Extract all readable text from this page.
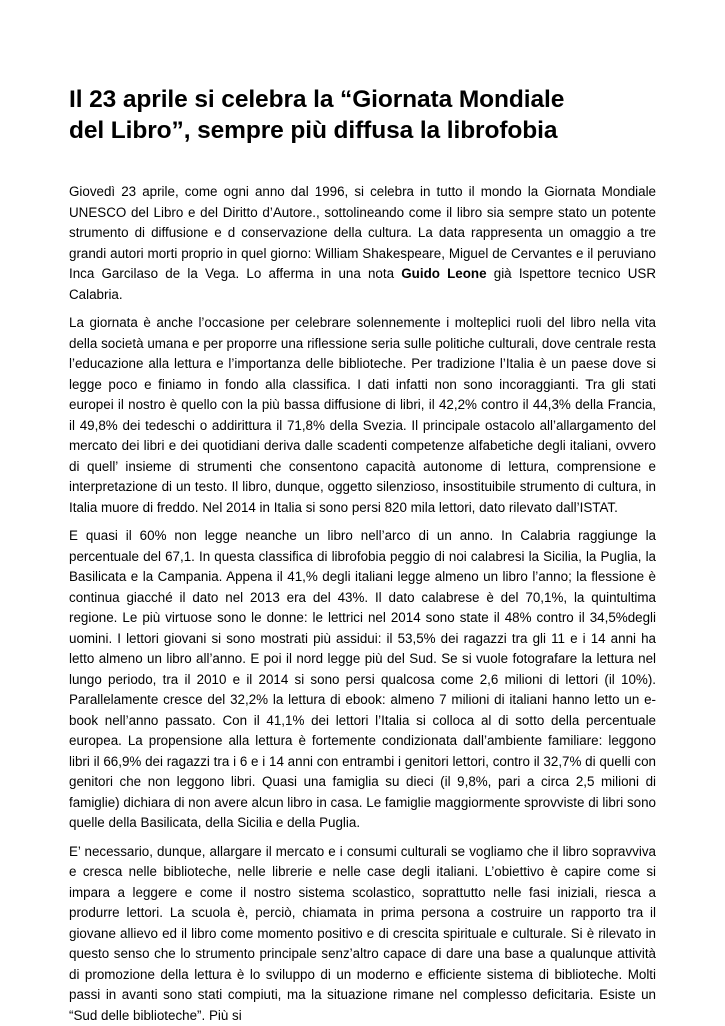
Il 23 aprile si celebra la “Giornata Mondiale
del Libro”, sempre più diffusa la librofobia

Giovedì 23 aprile, come ogni anno dal 1996, si celebra in tutto il mondo la Giornata Mondiale UNESCO del Libro e del Diritto d’Autore., sottolineando come il libro sia sempre stato un potente strumento di diffusione e d conservazione della cultura. La data rappresenta un omaggio a tre grandi autori morti proprio in quel giorno: William Shakespeare, Miguel de Cervantes e il peruviano Inca Garcilaso de la Vega. Lo afferma in una nota Guido Leone già Ispettore tecnico USR Calabria.

La giornata è anche l’occasione per celebrare solennemente i molteplici ruoli del libro nella vita della società umana e per proporre una riflessione seria sulle politiche culturali, dove centrale resta l’educazione alla lettura e l’importanza delle biblioteche. Per tradizione l’Italia è un paese dove si legge poco e finiamo in fondo alla classifica. I dati infatti non sono incoraggianti. Tra gli stati europei il nostro è quello con la più bassa diffusione di libri, il 42,2% contro il 44,3% della Francia, il 49,8% dei tedeschi o addirittura il 71,8% della Svezia. Il principale ostacolo all’allargamento del mercato dei libri e dei quotidiani deriva dalle scadenti competenze alfabetiche degli italiani, ovvero di quell’ insieme di strumenti che consentono capacità autonome di lettura, comprensione e interpretazione di un testo. Il libro, dunque, oggetto silenzioso, insostituibile strumento di cultura, in Italia muore di freddo. Nel 2014 in Italia si sono persi 820 mila lettori, dato rilevato dall’ISTAT.

E quasi il 60% non legge neanche un libro nell’arco di un anno. In Calabria raggiunge la percentuale del 67,1. In questa classifica di librofobia peggio di noi calabresi la Sicilia, la Puglia, la Basilicata e la Campania. Appena il 41,% degli italiani legge almeno un libro l’anno; la flessione è continua giacché il dato nel 2013 era del 43%. Il dato calabrese è del 70,1%, la quintultima regione. Le più virtuose sono le donne: le lettrici nel 2014 sono state il 48% contro il 34,5%degli uomini. I lettori giovani si sono mostrati più assidui: il 53,5% dei ragazzi tra gli 11 e i 14 anni ha letto almeno un libro all’anno. E poi il nord legge più del Sud. Se si vuole fotografare la lettura nel lungo periodo, tra il 2010 e il 2014 si sono persi qualcosa come 2,6 milioni di lettori (il 10%). Parallelamente cresce del 32,2% la lettura di ebook: almeno 7 milioni di italiani hanno letto un e-book nell’anno passato. Con il 41,1% dei lettori l’Italia si colloca al di sotto della percentuale europea. La propensione alla lettura è fortemente condizionata dall’ambiente familiare: leggono libri il 66,9% dei ragazzi tra i 6 e i 14 anni con entrambi i genitori lettori, contro il 32,7% di quelli con genitori che non leggono libri. Quasi una famiglia su dieci (il 9,8%, pari a circa 2,5 milioni di famiglie) dichiara di non avere alcun libro in casa. Le famiglie maggiormente sprovviste di libri sono quelle della Basilicata, della Sicilia e della Puglia.

E’ necessario, dunque, allargare il mercato e i consumi culturali se vogliamo che il libro sopravviva e cresca nelle biblioteche, nelle librerie e nelle case degli italiani. L’obiettivo è capire come si impara a leggere e come il nostro sistema scolastico, soprattutto nelle fasi iniziali, riesca a produrre lettori. La scuola è, perciò, chiamata in prima persona a costruire un rapporto tra il giovane allievo ed il libro come momento positivo e di crescita spirituale e culturale. Si è rilevato in questo senso che lo strumento principale senz’altro capace di dare una base a qualunque attività di promozione della lettura è lo sviluppo di un moderno e efficiente sistema di biblioteche. Molti passi in avanti sono stati compiuti, ma la situazione rimane nel complesso deficitaria. Esiste un “Sud delle biblioteche”. Più si
